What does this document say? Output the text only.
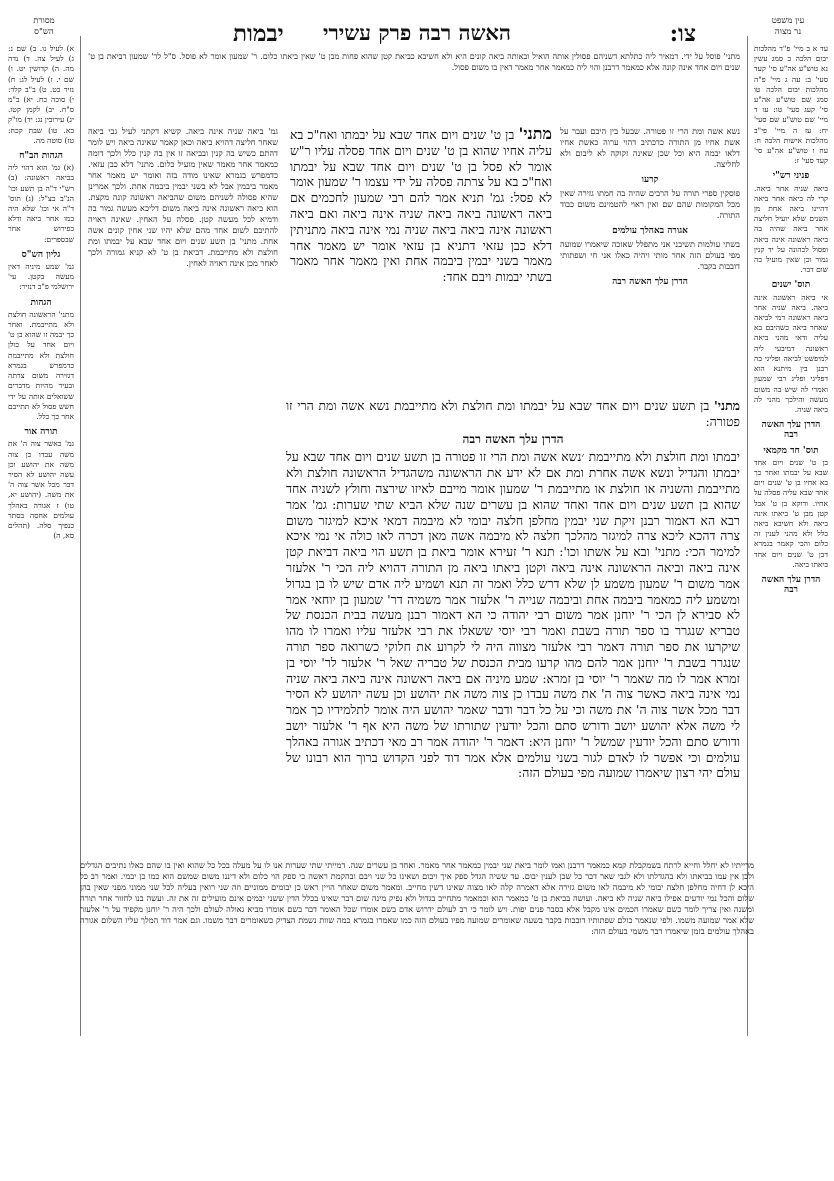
צו:
האשה רבה פרק עשירי
יבמות	עין משפט
נר מצוה
מסורת
הש"ס

עד א ב מיי' פ"ד מהלכות יבום הלכה ב סמג עשין נא טוש"ע אה"ע סי' קעד סעי' ב: עה ג מיי' פ"ה מהלכות יבום הלכה טו סמג שם טוש"ע אה"ע סי' קעג סעי' טו: עו ד מיי' שם טוש"ע שם סעי' יח: עז ה מיי' פי"ב מהלכות אישות הלכה ח: עח ו טוש"ע אה"ע סי' קעד סעי' ז:

פניני רש"י

ביאה שניה אחר ביאה. קרי לה ביאה אחר ביאה דהיינו ביאה אחת מן השנים שלא יועיל חליצה אחר ביאה שהיה בה ביאה ראשונה אינה ביאה ופסול לכהונה על יד קנין גמור וכן שאין מועיל בה שום דבר.

תוס' ישנים

אי ביאה ראשונה אינה ביאה. ביאה שניה אחר ביאה ראשונה דמי לביאה שאחר ביאה כשהיבם בא עליה ודאי מהני ביאה ראשונה דמיבעי ליה למיפשט לביאה ופליגי בה רבנן בין מיתנא הוא דפליגי ופליג רבי שמעון ואמרי לה שיש בה משום מעשה והילכך מהני לה ביאה שניה.

הדרן עלך האשה רבה
תוס' חד מקמאי

בן ט' שנים ויום אחד שבא על יבמתו ואחר כך בא אחיו בן ט' שנים ויום אחד שבא עליה פסלה על אחיו. ודוקא בן ט' אבל קטן מבן ט' ביאתו אינה ביאה ולא חשיבא ביאה כלל ולא מהני לענין זה כלום והכי קאמר בגמרא דבן ט' שנים ויום אחד ביאתו ביאה.

הדרן עלך האשה רבה

א) לעיל נו. ב) שם נ: ג) לעיל צה. ד) נדה מה. ה) קדושין יט. ו) שם י. ז) לעיל לג: ח) נזיר כט. ט) ב"ב קלד: י) סוכה כח. יא) ב"מ ס"ח. יב) לקמן קטו. יג) עירובין נג: יד) מו"ק כא. טו) שבת קכח: טז) סוטה מה.

הגהות הב"ח

(א) גמ' הוא דהוי ליה בביאה ראשונה: (ב) רש"י ד"ה בן תשע וכו' הנ"ב כצ"ל: (ג) תוס' ד"ה אי וכו' שלא היה כמו אחר ביאה ודלא כפירוש אחר שבספרים:

גליון הש"ס

גמ' שמע מיניה דאין מעשה בקטן. עי' ירושלמי פ"ב דנזיר:

הגהות

מתני' הראשונה חולצת ולא מתייבמת. ואחר כך יבמה זו שהוא בן ט' ויום אחד על כולן חולצת ולא מתייבמת כדמפרש בגמרא דגזירה משום צרתה ובעיר מהיות מדברים ששואלים אותה על ידי חשש פסול לא תתייבם אחר כך כלל.

תורה אור

גמ' כאשר צוה ה' את משה עבדו כן צוה משה את יהושע וכן עשה יהושע לא הסיר דבר מכל אשר צוה ה' את משה. (יהושע יא, טו) ז אגורה באהלך עולמים אחסה בסתר כנפיך סלה. (תהלים סא, ה)

מתני' פוסל על ידי. דמאיר ליה כתלתא דשניהם פסולין אותה הואיל ובאותה ביאה קונים היא ולא חשיבא כביאת קטן שהוא פחות מבן ט' שאין ביאתו כלום. ר' שמעון אומר לא פוסל. ס"ל לר' שמעון דביאת בן ט' שנים ויום אחד אינה קונה אלא כמאמר דרבנן והוי ליה כמאמר אחר מאמר דאין בו משום פסול.

נשא אשה ומת הרי זו פטורה. שבעל בין היבם ועבר על אשת אחיו מן התורה כדכתיב דהוי ערוה כאשת אחיו דלאו יבמה היא וכל שכן שאינה זקוקה לא ליבום ולא לחליצה.

קרעו

פוסקין ספרי תורה על הרבים שהיה בה חמתו גזירה שאין מכל המקומות שהם שם ואין ראוי להטמינם משום כבוד התורה.

אגורה באהלך עולמים

בשתי עולמות תשיבני אני מתפלל שאזכה שיאמרו שמועה מפי בעולם הזה אחר מותי ויהיה כאלו אני חי ושפתותי דובבות בקבר.

הדרן עלך האשה רבה
גמ' ביאה שניה אינה ביאה. קשיא דקתני לעיל גבי ביאה שאחר חליצה דהויא ביאה וכאן קאמר שאינה ביאה ויש לומר דהתם כשיש בה קנין ובביאה זו אין בה קנין כלל ולכך דומה כמאמר אחר מאמר שאין מועיל כלום. מתני' דלא כבן עזאי. כדמפרש בגמרא שאינו מודה בזה ואומר יש מאמר אחר מאמר ביבמין אבל לא בשני יבמין ביבמה אחת. ולכך אמרינן שהיא פסולה לשניהם משום שהביאה ראשונה קונה מקצת. הוא ביאה ראשונה אינה ביאה משום דליכא מעשה גמור בה ודמיא לכל מעשה קטן. פסלה על האחין. שאינה ראויה להתיבם לשום אחד מהם שלא יהיו שני אחין קונים אשה אחת. מתני' בן תשע שנים ויום אחד שבא על יבמתו ומת חולצת ולא מתייבמת. דביאת בן ט' לא קניא גמורה ולכך לאחר מכן אינה ראויה לאחין.

מתני' בן ט' שנים ויום אחד שבא על יבמתו ואח"כ בא עליה אחיו שהוא בן ט' שנים ויום אחד פסלה עליו ר"ש אומר לא פסל בן ט' שנים ויום אחד שבא על יבמתו ואח"כ בא על צרתה פסלה על ידי עצמו ר' שמעון אומר לא פסל: גמ' תניא אמר להם רבי שמעון לחכמים אם ביאה ראשונה ביאה ביאה שניה אינה ביאה ואם ביאה ראשונה אינה ביאה ביאה שניה נמי אינה ביאה מתניתין דלא כבן עזאי דתניא בן עזאי אומר יש מאמר אחר מאמר בשני יבמין ביבמה אחת ואין מאמר אחר מאמר בשתי יבמות ויבם אחד:

מתני' בן תשע שנים ויום אחד שבא על יבמתו ומת חולצת ולא מתייבמת נשא אשה ומת הרי זו פטורה:

הדרן עלך האשה רבה

יבמתו ומת חולצת ולא מתייבמת ׳נשא אשה ומת הרי זו פטורה בן תשע שנים ויום אחד שבא על יבמתו והגדיל ונשא אשה אחרת ומת אם לא ידע את הראשונה משהגדיל הראשונה חולצת ולא מתייבמת והשניה או חולצת או מתייבמת ר' שמעון אומר מייבם לאיזו שירצה וחולץ לשניה אחד שהוא בן תשע שנים ויום אחד ואחד שהוא בן עשרים שנה שלא הביא שתי שערות: גמ' אמר רבא הא דאמור רבנן זיקת שני יבמין מחלפן חלצה יבומי לא מיבמה דמאי איכא למיגזר משום צרה דהכא ליכא צרה למיגזר מהלכך חלצה לא מיבמה אשה מאן דכרה לאו כולה אי נמי איכא למימר הכי: מתני' ובא על אשתו וכו': תנא ר' זעירא אומר ביאת בן תשע הוי ביאה דביאת קטן אינה ביאה וביאה הראשונה אינה ביאה וקטן ביאתו ביאה מן התורה דהויא ליה הכי ר' אלעזר אמר משום ר' שמעון משמע לן שלא דרש כלל ואמר זה תנא ושמיע ליה אדם שיש לו בן בגדול ומשמע ליה כמאמר ביבמה אחת וביבמה שנייה ר' אלעזר אמר משמיה דר' שמעון בן יוחאי אמר לא סבירא לן הכי ר' יוחנן אמר משום רבי יהודה כי הא דאמור רבנן מעשה בבית הכנסת של טבריא שנגרר בו ספר תורה בשבת ואמר רבי יוסי ששאלו את רבי אלעזר עליו ואמרו לו מהו שיקרעו את ספר תורה דאמר רבי אלעזר מצווה היה לי לקרוע את חלוקי כשרואה ספר תורה שנגרר בשבת ר' יוחנן אמר להם מהו קרעו מבית הכנסת של טבריה שאל ר' אלעזר לר' יוסי בן זמרא אמר לו מה שאמר ר' יוסי בן זמרא: שמע מיניה אם ביאה ראשונה אינה ביאה ביאה שניה נמי אינה ביאה כאשר צוה ה' את משה עבדו כן צוה משה את יהושע וכן עשה יהושע לא הסיר דבר מכל אשר צוה ה' את משה וכי על כל דבר ודבר שאמר יהושע היה אומר לתלמידיו כך אמר לי משה אלא יהושע יושב ודורש סתם והכל יודעין שתורתו של משה היא אף ר' אלעזר יושב ודורש סתם והכל יודעין שמשל ר' יוחנן היא: דאמר ר' יהודה אמר רב מאי דכתיב אגורה באהלך עולמים וכי אפשר לו לאדם לגור בשני עולמים אלא אמר דוד לפני הקדוש ברוך הוא רבונו של עולם יהי רצון שיאמרו שמועה מפי בעולם הזה:

מרייתיו לא יחלל וחייא לרתח בשמקבלת קמא כמאמר דרבנן ואמו לומר ביאת שני יבמין כמאמר אחר מאמר. ואחד בן עשרים שנה. דמייתי שתי שערות אנו לו על מעלה בכל כל שהוא ואין בו שהם כאלו נתיבים הגדלים ולכן אין עמו בביאתו ולא בהגדלתו ולא לגבי שאר דבר כל שכן לענין יבום. עד ששיה הגדל ספק איך ויבום ושאינו כל שני ויבם ובהקמת ראשה כי ספק הוי כלום ולא דיננו משום שמשם הוא כמו כן יבמי. ואמר רב כל היכא לן דחיה מחלפן חלצה יבומי לא מיבמה לאו משום גזירה אלא דאמרה קלה לאו מצוה שאינו דשין מחייב. ומאמר משום שאחר הויין ראש כן יבומים ממוניים וזה שני רואין בעליה לכל שני ממוני מפני שאין בהן שלום והכל נמי יודעים אפילו ביאה שניה לא ביאה. ועושה בביאת בן ט' כמאמר הוא וכמאמר מתחייב בגדול ולא נפיק מינה שום דבר שאינו בכלל הדין ששני יבמים אינם מועילים זה את זה. ועשה בנו לחזור אחר תורה ומשנה ואין צריך לומר כשם שאמרו חכמים אינו מקבל אלא בסבר פנים יפות. ויש לומר כי רב לעולם ידרוש אדם בשם אומרו שכל האומר דבר בשם אומרו מביא גאולה לעולם ולכך היה ר' יוחנן מקפיד על ר' אלעזר שלא אמר שמועה משמו. ולפי שנאמר כולם שפתותיו דובבות בקבר בשעה שאומרים שמועה מפיו בעולם הזה כמו שאמרו בגמרא כמה שוות נשמת הצדיק כשאומרים דבר משמו. וגם אמר דוד המלך עליו השלום אגורה באהלך עולמים בזמן שיאמרו דבר משמי בעולם הזה:
